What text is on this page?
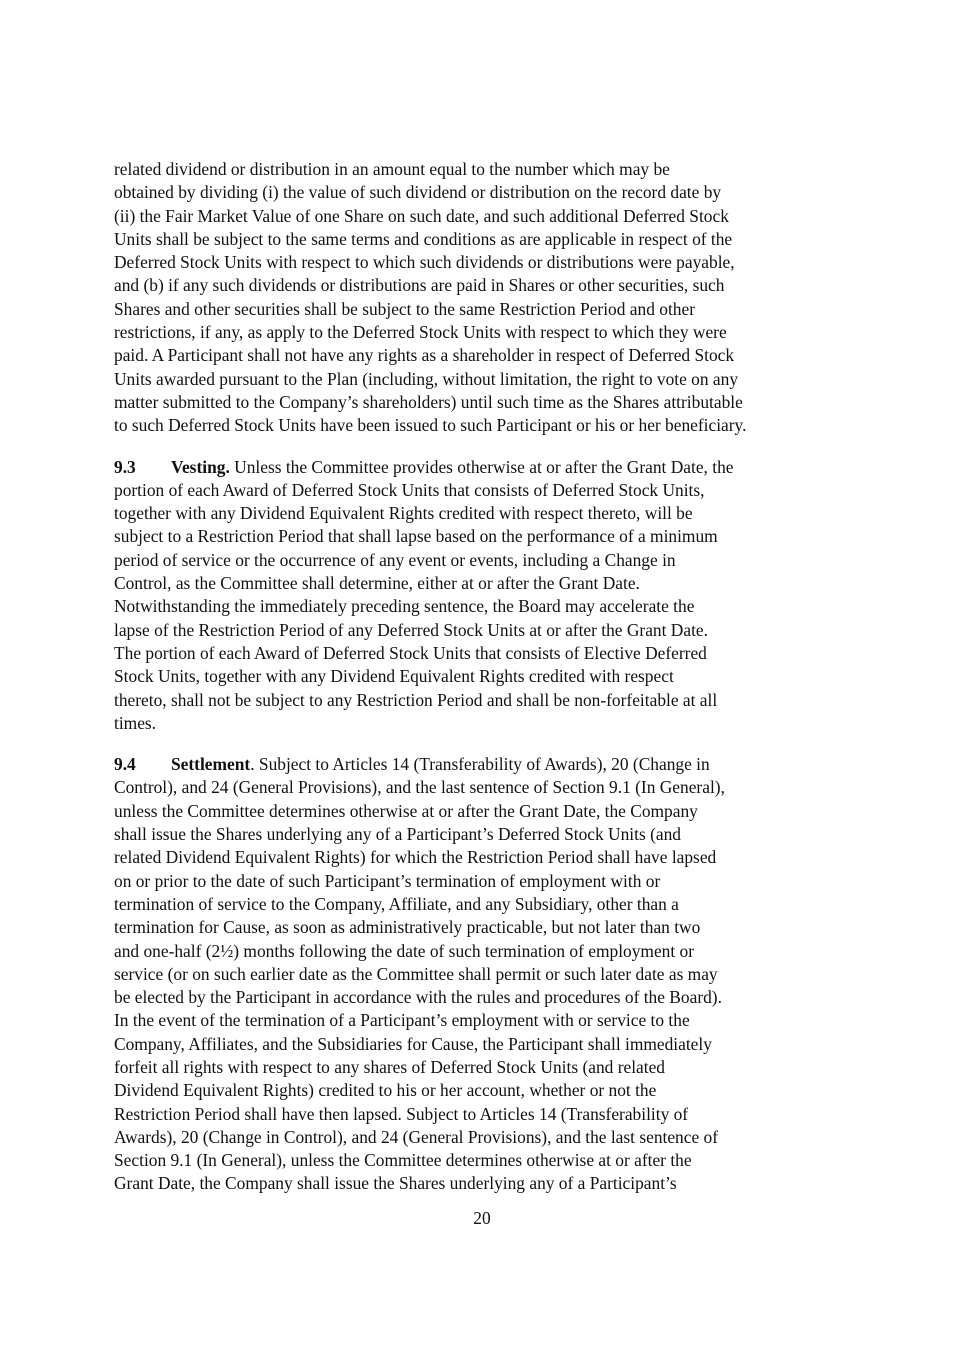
related dividend or distribution in an amount equal to the number which may be
obtained by dividing (i) the value of such dividend or distribution on the record date by
(ii) the Fair Market Value of one Share on such date, and such additional Deferred Stock
Units shall be subject to the same terms and conditions as are applicable in respect of the
Deferred Stock Units with respect to which such dividends or distributions were payable,
and (b) if any such dividends or distributions are paid in Shares or other securities, such
Shares and other securities shall be subject to the same Restriction Period and other
restrictions, if any, as apply to the Deferred Stock Units with respect to which they were
paid. A Participant shall not have any rights as a shareholder in respect of Deferred Stock
Units awarded pursuant to the Plan (including, without limitation, the right to vote on any
matter submitted to the Company’s shareholders) until such time as the Shares attributable
to such Deferred Stock Units have been issued to such Participant or his or her beneficiary.
9.3 Vesting. Unless the Committee provides otherwise at or after the Grant Date, the
portion of each Award of Deferred Stock Units that consists of Deferred Stock Units,
together with any Dividend Equivalent Rights credited with respect thereto, will be
subject to a Restriction Period that shall lapse based on the performance of a minimum
period of service or the occurrence of any event or events, including a Change in
Control, as the Committee shall determine, either at or after the Grant Date.
Notwithstanding the immediately preceding sentence, the Board may accelerate the
lapse of the Restriction Period of any Deferred Stock Units at or after the Grant Date.
The portion of each Award of Deferred Stock Units that consists of Elective Deferred
Stock Units, together with any Dividend Equivalent Rights credited with respect
thereto, shall not be subject to any Restriction Period and shall be non-forfeitable at all
times.
9.4 Settlement. Subject to Articles 14 (Transferability of Awards), 20 (Change in
Control), and 24 (General Provisions), and the last sentence of Section 9.1 (In General),
unless the Committee determines otherwise at or after the Grant Date, the Company
shall issue the Shares underlying any of a Participant’s Deferred Stock Units (and
related Dividend Equivalent Rights) for which the Restriction Period shall have lapsed
on or prior to the date of such Participant’s termination of employment with or
termination of service to the Company, Affiliate, and any Subsidiary, other than a
termination for Cause, as soon as administratively practicable, but not later than two
and one-half (2½) months following the date of such termination of employment or
service (or on such earlier date as the Committee shall permit or such later date as may
be elected by the Participant in accordance with the rules and procedures of the Board).
In the event of the termination of a Participant’s employment with or service to the
Company, Affiliates, and the Subsidiaries for Cause, the Participant shall immediately
forfeit all rights with respect to any shares of Deferred Stock Units (and related
Dividend Equivalent Rights) credited to his or her account, whether or not the
Restriction Period shall have then lapsed. Subject to Articles 14 (Transferability of
Awards), 20 (Change in Control), and 24 (General Provisions), and the last sentence of
Section 9.1 (In General), unless the Committee determines otherwise at or after the
Grant Date, the Company shall issue the Shares underlying any of a Participant’s
20
